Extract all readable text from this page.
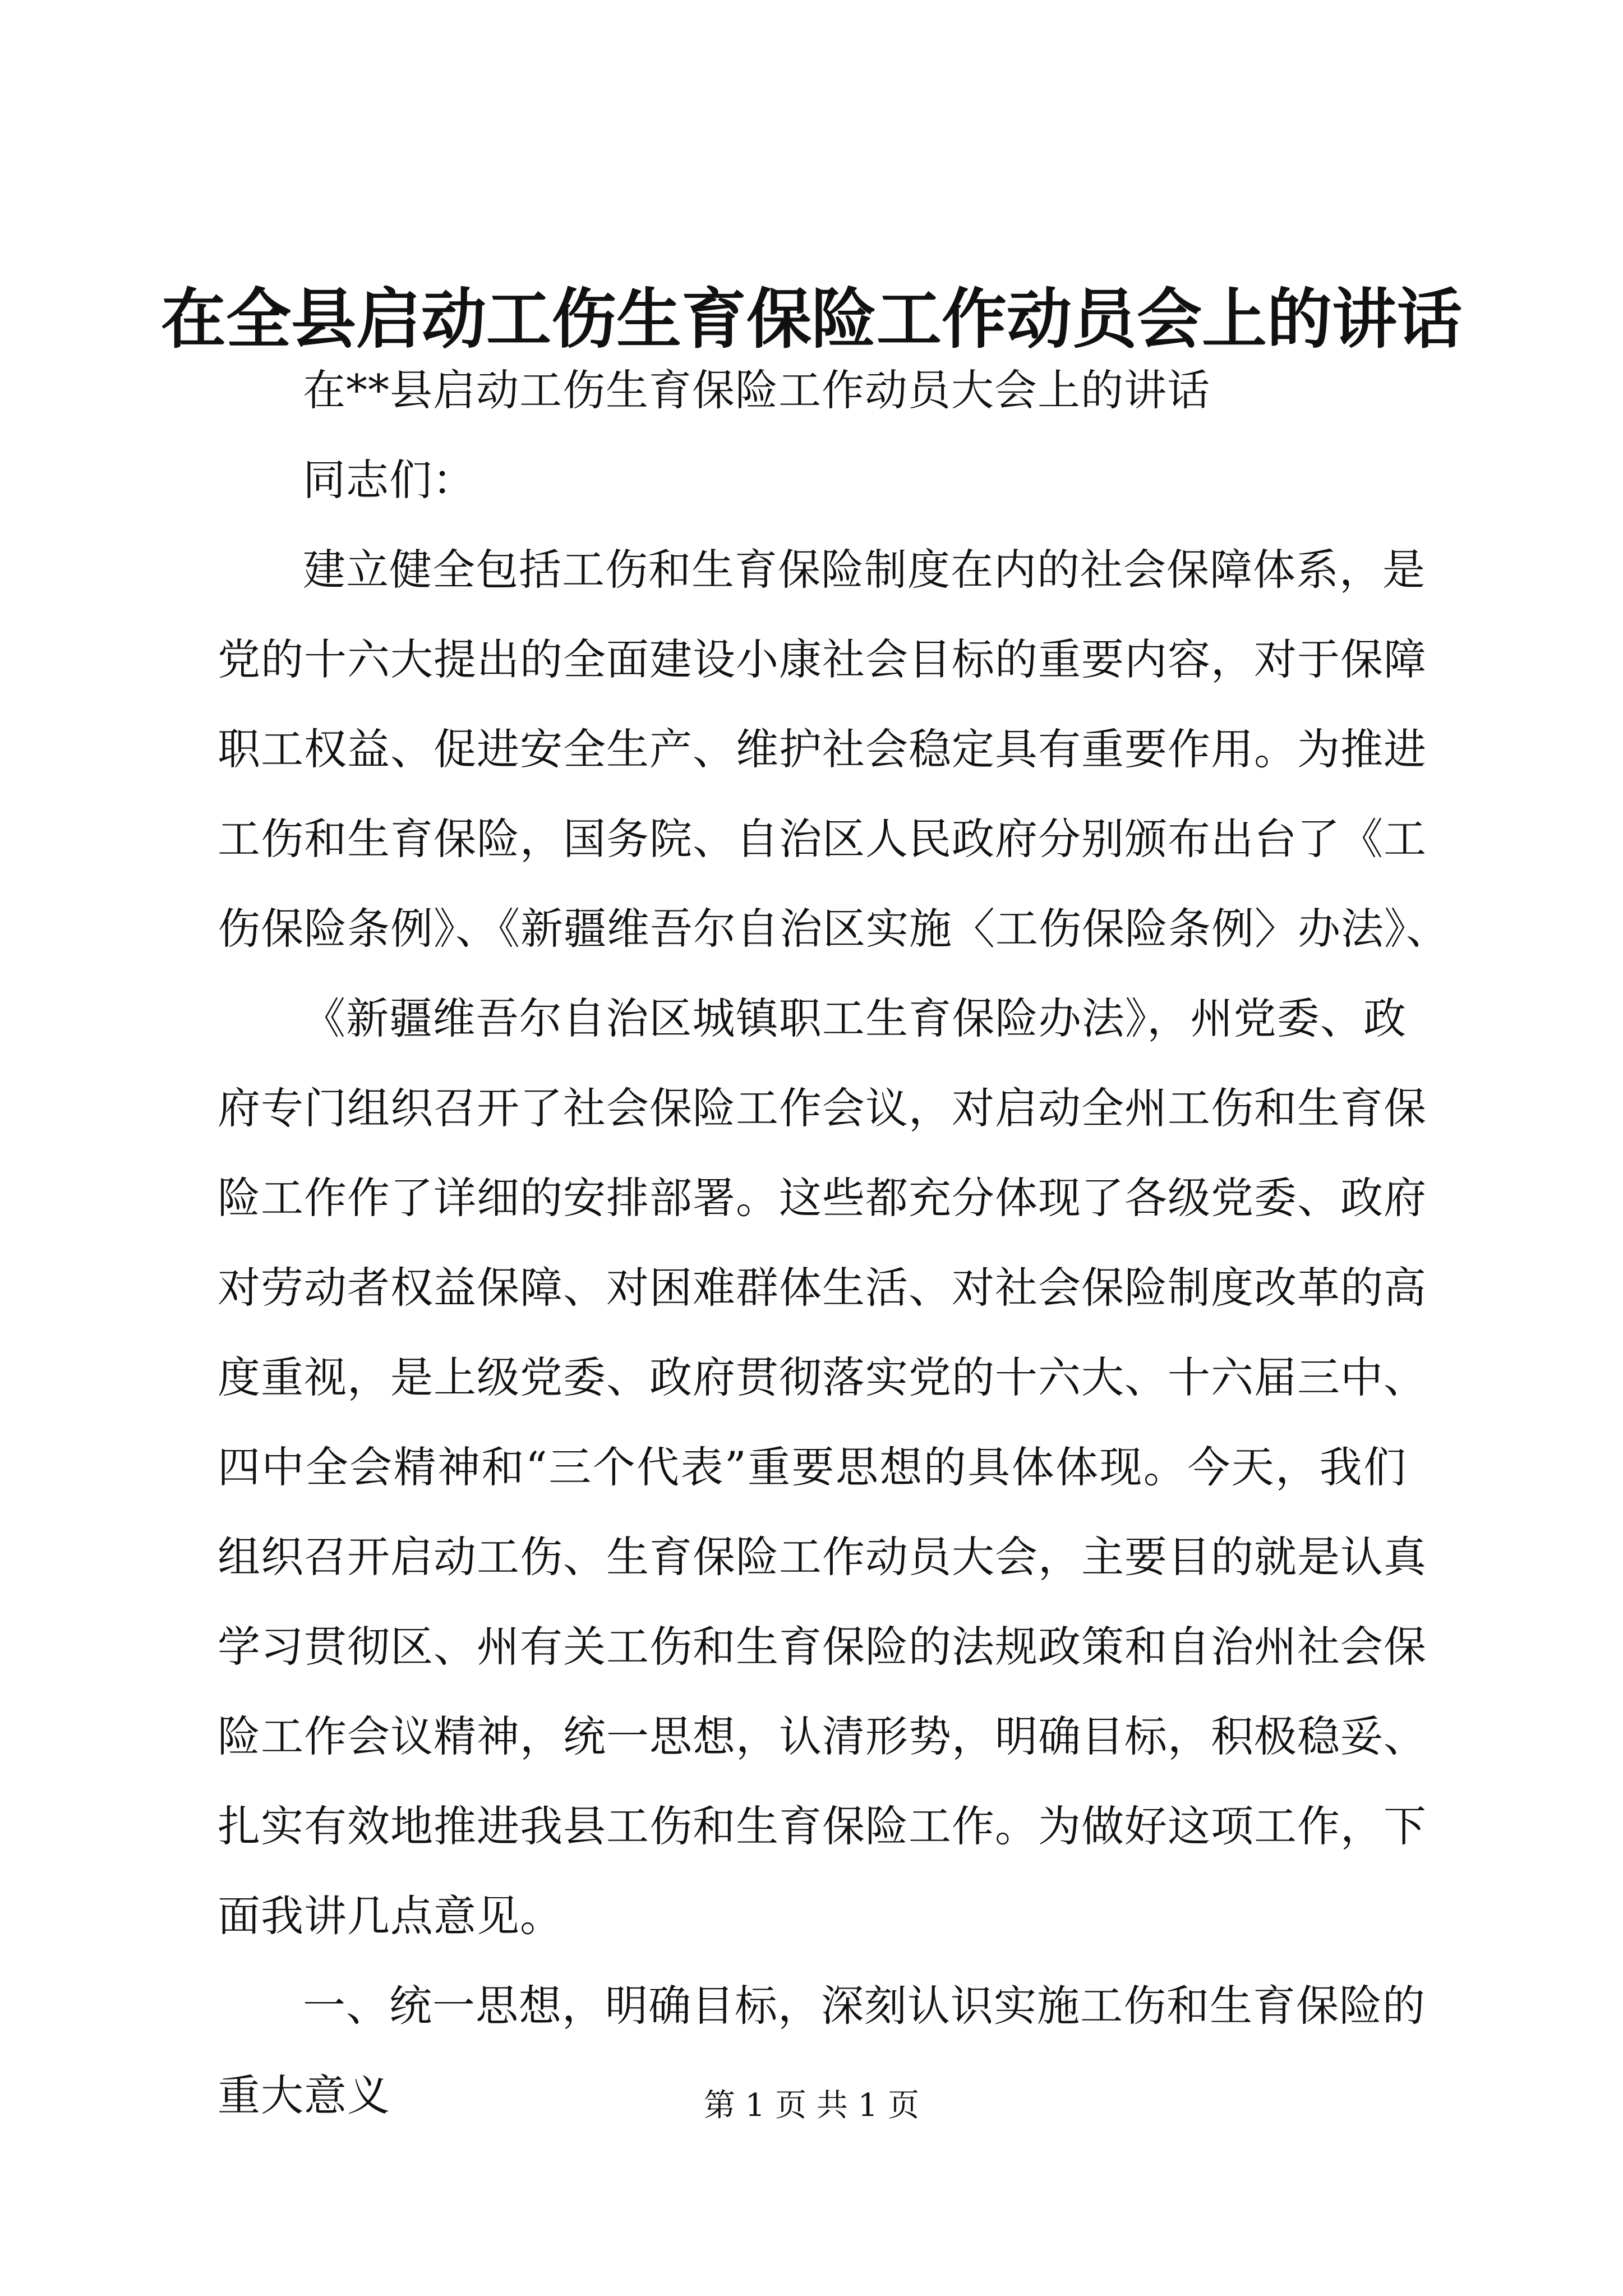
在全县启动工伤生育保险工作动员会上的讲话

在**县启动工伤生育保险工作动员大会上的讲话

同志们：

建立健全包括工伤和生育保险制度在内的社会保障体系，是
党的十六大提出的全面建设小康社会目标的重要内容，对于保障
职工权益、促进安全生产、维护社会稳定具有重要作用。为推进
工伤和生育保险，国务院、自治区人民政府分别颁布出台了《工
伤保险条例》、《新疆维吾尔自治区实施〈工伤保险条例〉办法》、
《新疆维吾尔自治区城镇职工生育保险办法》，州党委、政
府专门组织召开了社会保险工作会议，对启动全州工伤和生育保
险工作作了详细的安排部署。这些都充分体现了各级党委、政府
对劳动者权益保障、对困难群体生活、对社会保险制度改革的高
度重视，是上级党委、政府贯彻落实党的十六大、十六届三中、
四中全会精神和“三个代表”重要思想的具体体现。今天，我们
组织召开启动工伤、生育保险工作动员大会，主要目的就是认真
学习贯彻区、州有关工伤和生育保险的法规政策和自治州社会保
险工作会议精神，统一思想，认清形势，明确目标，积极稳妥、
扎实有效地推进我县工伤和生育保险工作。为做好这项工作，下
面我讲几点意见。
一、统一思想，明确目标，深刻认识实施工伤和生育保险的
重大意义	第 1 页 共 1 页
